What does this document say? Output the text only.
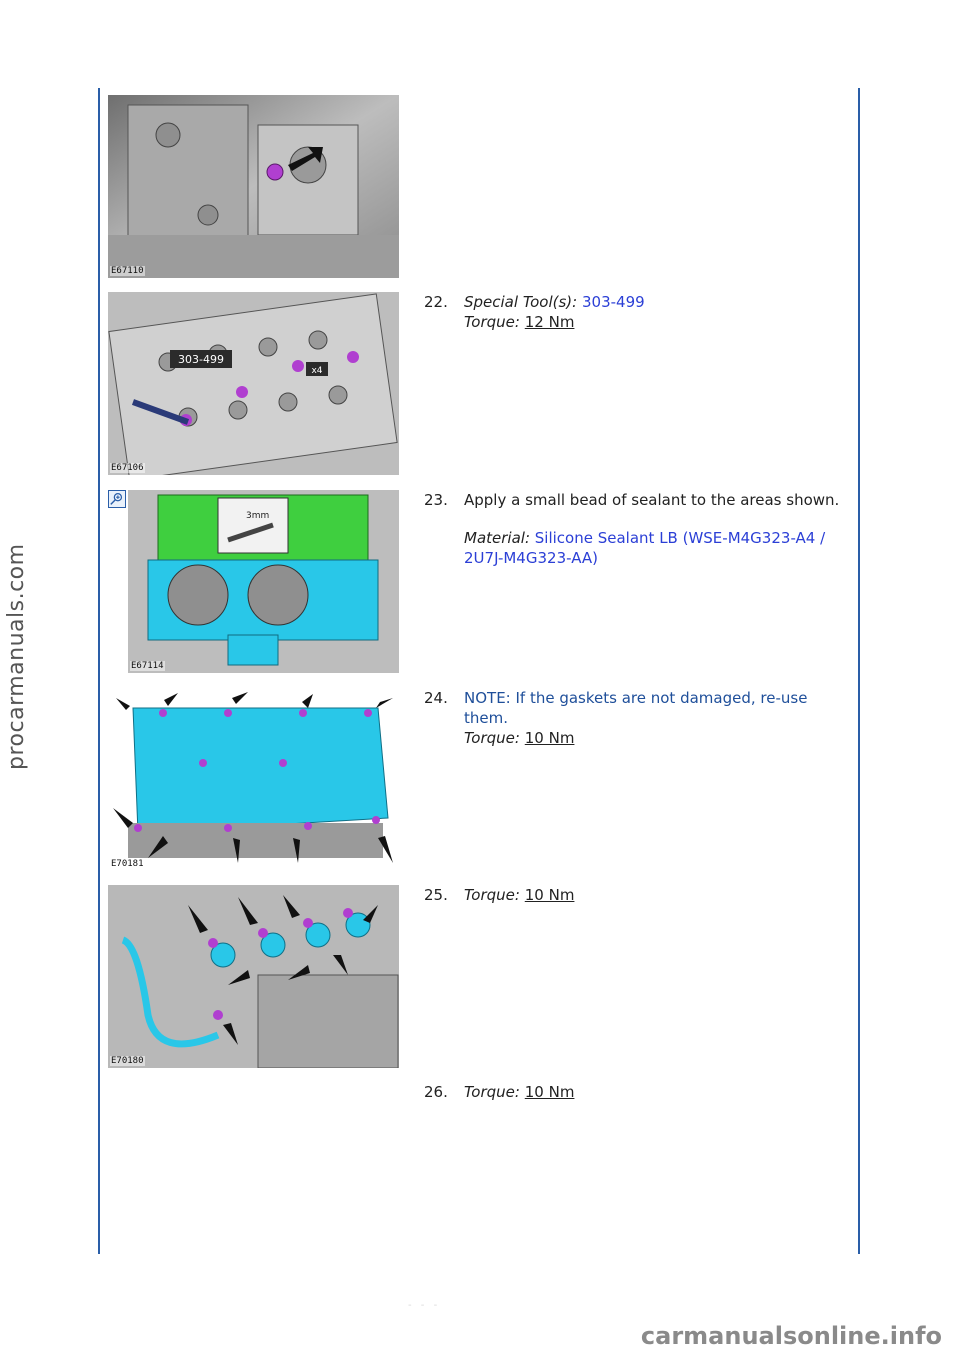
procarmanuals.com
carmanualsonline.info
- - -
E67110
303-499
x4
E67106
3mm
E67114
E70181
E70180
22. Special Tool(s): 303-499
Torque: 12 Nm
23. Apply a small bead of sealant to the areas shown.
Material: Silicone Sealant LB (WSE-M4G323-A4 / 2U7J-M4G323-AA)
24. NOTE: If the gaskets are not damaged, re-use them.
Torque: 10 Nm
25. Torque: 10 Nm
26. Torque: 10 Nm
